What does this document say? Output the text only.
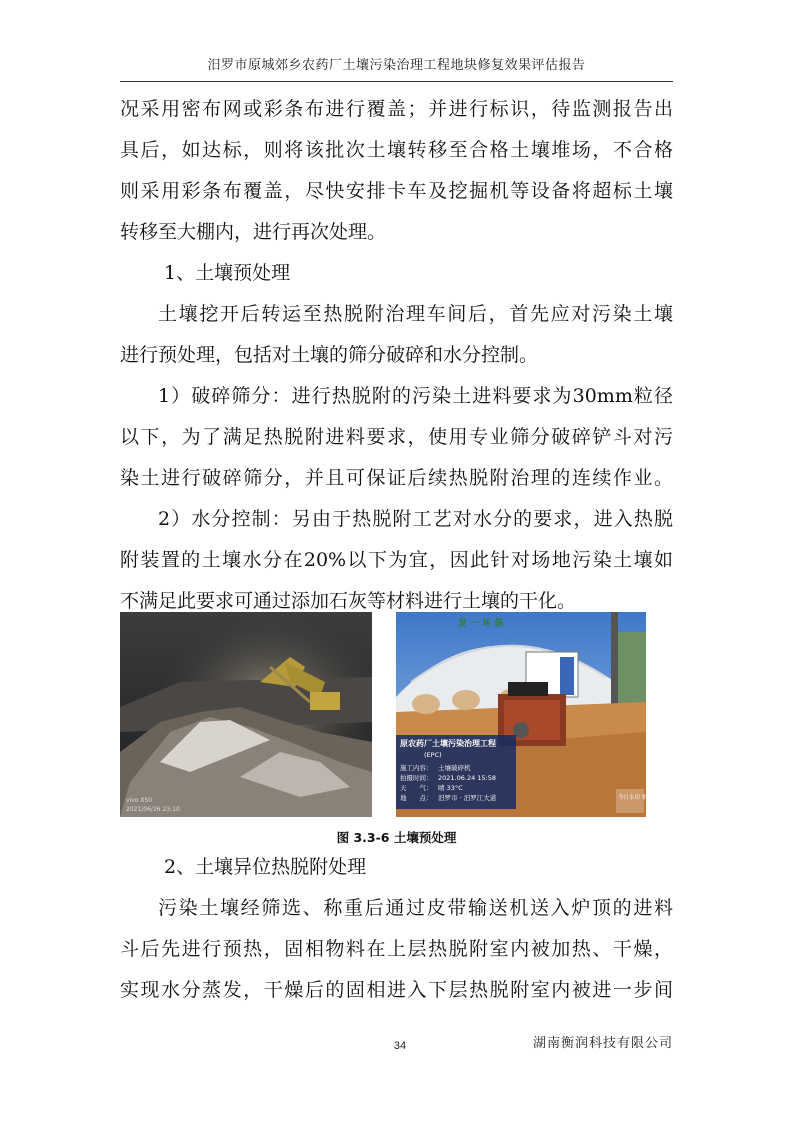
汨罗市原城郊乡农药厂土壤污染治理工程地块修复效果评估报告
况采用密布网或彩条布进行覆盖；并进行标识，待监测报告出
具后，如达标，则将该批次土壤转移至合格土壤堆场，不合格
则采用彩条布覆盖，尽快安排卡车及挖掘机等设备将超标土壤
转移至大棚内，进行再次处理。
1、土壤预处理
土壤挖开后转运至热脱附治理车间后，首先应对污染土壤
进行预处理，包括对土壤的筛分破碎和水分控制。
1）破碎筛分：进行热脱附的污染土进料要求为30mm粒径
以下，为了满足热脱附进料要求，使用专业筛分破碎铲斗对污
染土进行破碎筛分，并且可保证后续热脱附治理的连续作业。
2）水分控制：另由于热脱附工艺对水分的要求，进入热脱
附装置的土壤水分在20%以下为宜，因此针对场地污染土壤如
不满足此要求可通过添加石灰等材料进行土壤的干化。
vivo X50
2021/06/26 23:10
发 一 环 保
原农药厂土壤污染治理工程
(EPC)
施工内容： 土壤破碎机
拍摄时间： 2021.06.24 15:58
天　　气： 晴 33°C
地　　点： 汨罗市 · 汨罗江大道	今日水印 相机
图 3.3-6 土壤预处理
2、土壤异位热脱附处理
污染土壤经筛选、称重后通过皮带输送机送入炉顶的进料
斗后先进行预热，固相物料在上层热脱附室内被加热、干燥，
实现水分蒸发，干燥后的固相进入下层热脱附室内被进一步间
34	湖南衡润科技有限公司
